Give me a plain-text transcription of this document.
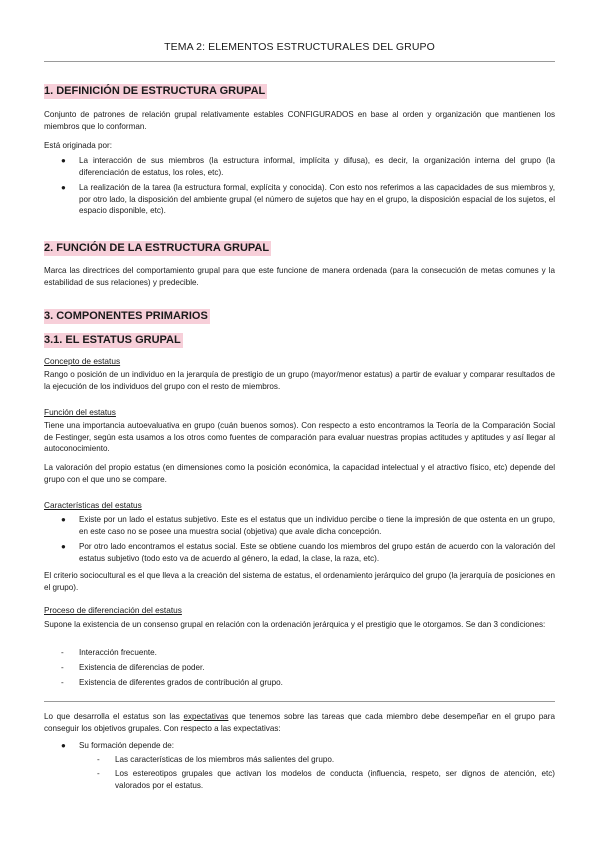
TEMA 2: ELEMENTOS ESTRUCTURALES DEL GRUPO
1. DEFINICIÓN DE ESTRUCTURA GRUPAL
Conjunto de patrones de relación grupal relativamente estables CONFIGURADOS en base al orden y organización que mantienen los miembros que lo conforman.
Está originada por:
● La interacción de sus miembros (la estructura informal, implícita y difusa), es decir, la organización interna del grupo (la diferenciación de estatus, los roles, etc).
● La realización de la tarea (la estructura formal, explícita y conocida). Con esto nos referimos a las capacidades de sus miembros y, por otro lado, la disposición del ambiente grupal (el número de sujetos que hay en el grupo, la disposición espacial de los sujetos, el espacio disponible, etc).
2. FUNCIÓN DE LA ESTRUCTURA GRUPAL
Marca las directrices del comportamiento grupal para que este funcione de manera ordenada (para la consecución de metas comunes y la estabilidad de sus relaciones) y predecible.
3. COMPONENTES PRIMARIOS
3.1. EL ESTATUS GRUPAL
Concepto de estatus
Rango o posición de un individuo en la jerarquía de prestigio de un grupo (mayor/menor estatus) a partir de evaluar y comparar resultados de la ejecución de los individuos del grupo con el resto de miembros.
Función del estatus
Tiene una importancia autoevaluativa en grupo (cuán buenos somos). Con respecto a esto encontramos la Teoría de la Comparación Social de Festinger, según esta usamos a los otros como fuentes de comparación para evaluar nuestras propias actitudes y aptitudes y así llegar al autoconocimiento.
La valoración del propio estatus (en dimensiones como la posición económica, la capacidad intelectual y el atractivo físico, etc) depende del grupo con el que uno se compare.
Características del estatus
● Existe por un lado el estatus subjetivo. Este es el estatus que un individuo percibe o tiene la impresión de que ostenta en un grupo, en este caso no se posee una muestra social (objetiva) que avale dicha concepción.
● Por otro lado encontramos el estatus social. Este se obtiene cuando los miembros del grupo están de acuerdo con la valoración del estatus subjetivo (todo esto va de acuerdo al género, la edad, la clase, la raza, etc).
El criterio sociocultural es el que lleva a la creación del sistema de estatus, el ordenamiento jerárquico del grupo (la jerarquía de posiciones en el grupo).
Proceso de diferenciación del estatus
Supone la existencia de un consenso grupal en relación con la ordenación jerárquica y el prestigio que le otorgamos. Se dan 3 condiciones:
- Interacción frecuente.
- Existencia de diferencias de poder.
- Existencia de diferentes grados de contribución al grupo.
Lo que desarrolla el estatus son las expectativas que tenemos sobre las tareas que cada miembro debe desempeñar en el grupo para conseguir los objetivos grupales. Con respecto a las expectativas:
● Su formación depende de:
- Las características de los miembros más salientes del grupo.
- Los estereotipos grupales que activan los modelos de conducta (influencia, respeto, ser dignos de atención, etc) valorados por el estatus.
